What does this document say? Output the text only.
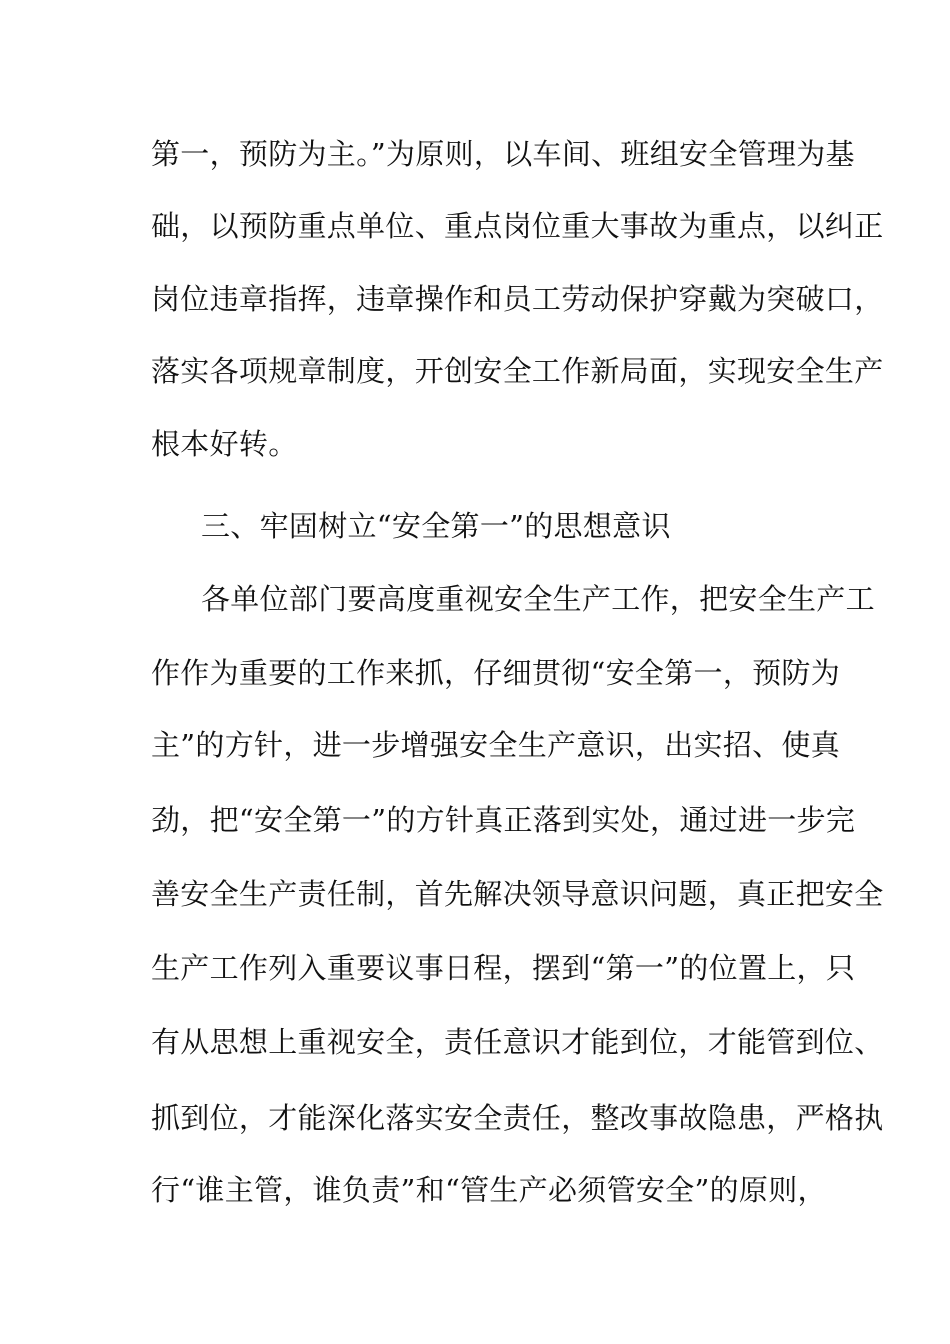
第一，预防为主。”为原则，以车间、班组安全管理为基
础，以预防重点单位、重点岗位重大事故为重点，以纠正
岗位违章指挥，违章操作和员工劳动保护穿戴为突破口，
落实各项规章制度，开创安全工作新局面，实现安全生产
根本好转。
三、牢固树立“安全第一”的思想意识
各单位部门要高度重视安全生产工作，把安全生产工
作作为重要的工作来抓，仔细贯彻“安全第一，预防为
主”的方针，进一步增强安全生产意识，出实招、使真
劲，把“安全第一”的方针真正落到实处，通过进一步完
善安全生产责任制，首先解决领导意识问题，真正把安全
生产工作列入重要议事日程，摆到“第一”的位置上，只
有从思想上重视安全，责任意识才能到位，才能管到位、
抓到位，才能深化落实安全责任，整改事故隐患，严格执
行“谁主管，谁负责”和“管生产必须管安全”的原则，
